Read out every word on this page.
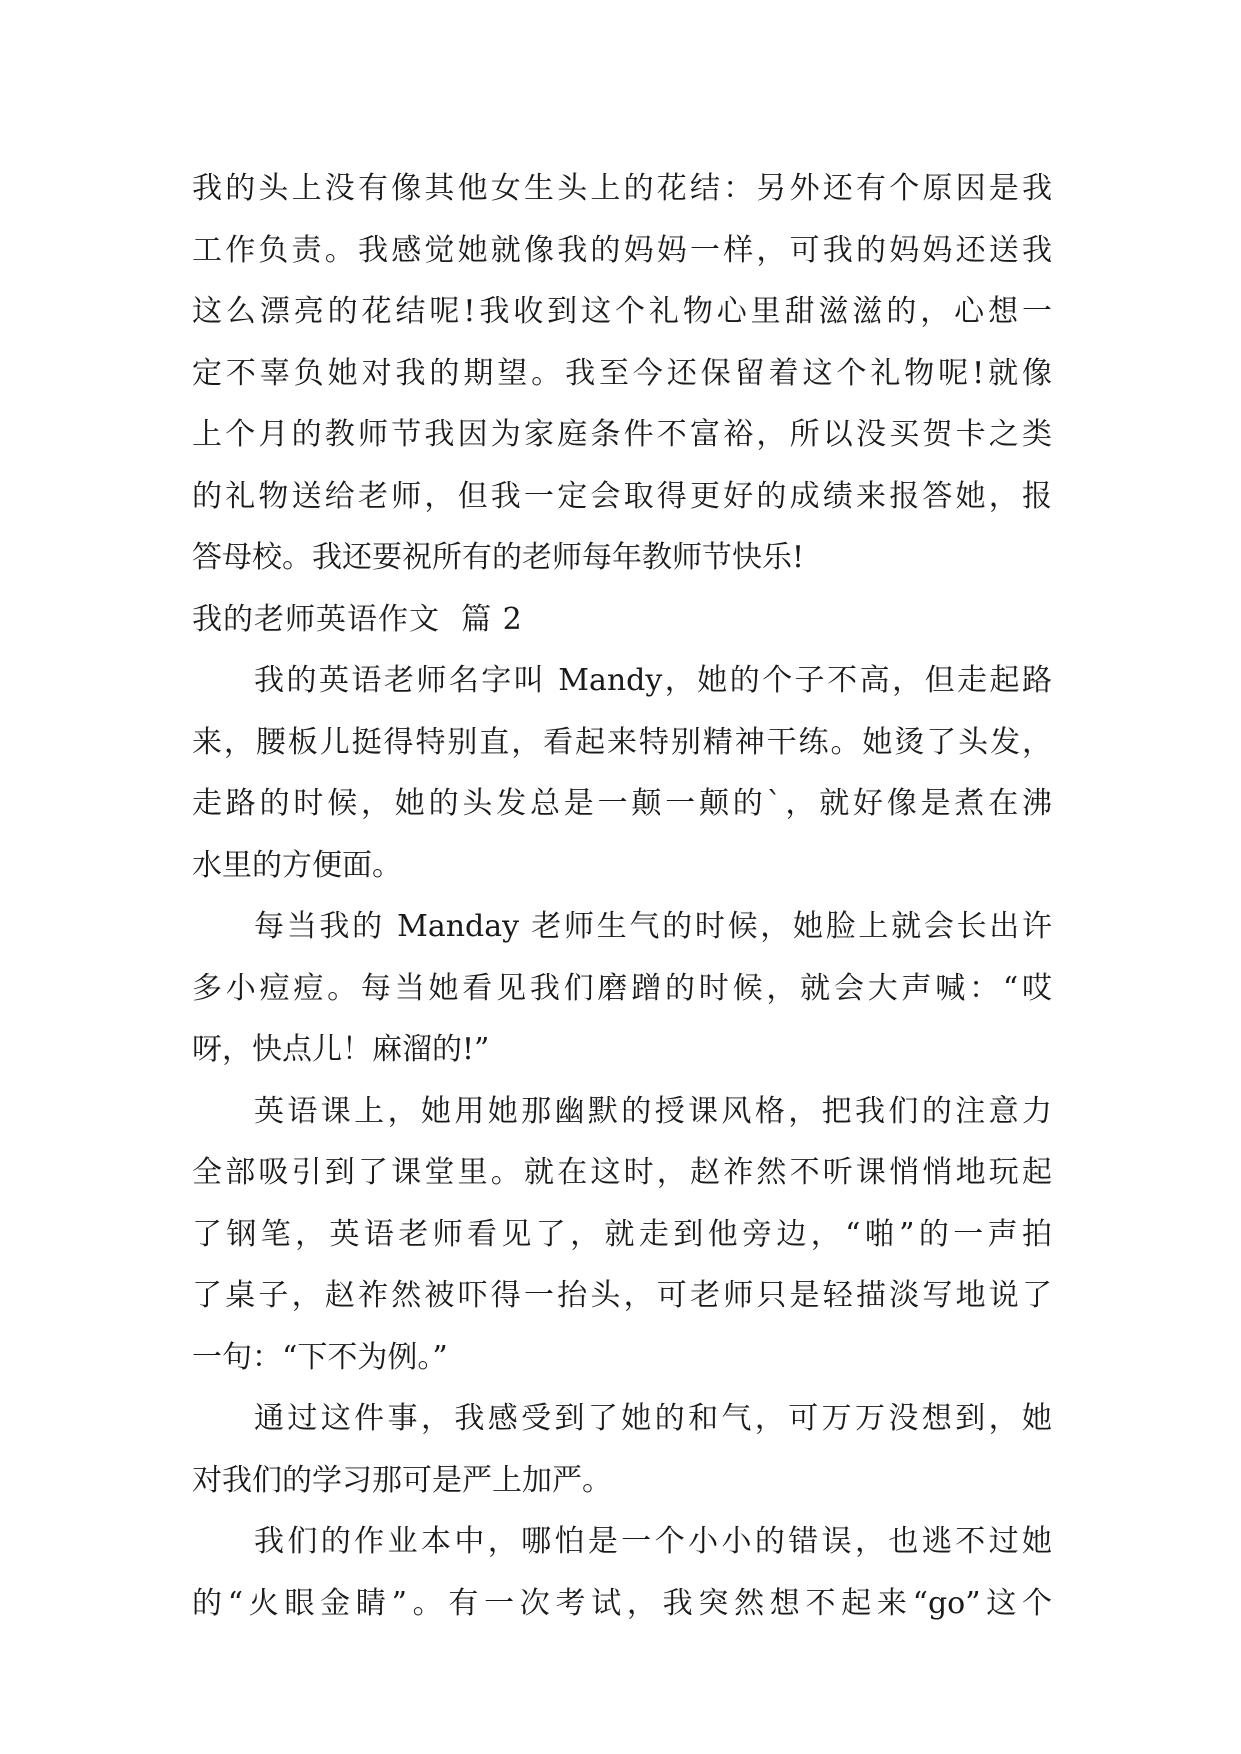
我的头上没有像其他女生头上的花结：另外还有个原因是我
工作负责。我感觉她就像我的妈妈一样，可我的妈妈还送我
这么漂亮的花结呢!我收到这个礼物心里甜滋滋的，心想一
定不辜负她对我的期望。我至今还保留着这个礼物呢!就像
上个月的教师节我因为家庭条件不富裕，所以没买贺卡之类
的礼物送给老师，但我一定会取得更好的成绩来报答她，报
答母校。我还要祝所有的老师每年教师节快乐!
我的老师英语作文  篇 2
我的英语老师名字叫 Mandy，她的个子不高，但走起路
来，腰板儿挺得特别直，看起来特别精神干练。她烫了头发，
走路的时候，她的头发总是一颠一颠的`，就好像是煮在沸
水里的方便面。
每当我的 Manday 老师生气的时候，她脸上就会长出许
多小痘痘。每当她看见我们磨蹭的时候，就会大声喊：“哎
呀，快点儿！麻溜的!”
英语课上，她用她那幽默的授课风格，把我们的注意力
全部吸引到了课堂里。就在这时，赵祚然不听课悄悄地玩起
了钢笔，英语老师看见了，就走到他旁边，“啪”的一声拍
了桌子，赵祚然被吓得一抬头，可老师只是轻描淡写地说了
一句：“下不为例。”
通过这件事，我感受到了她的和气，可万万没想到，她
对我们的学习那可是严上加严。
我们的作业本中，哪怕是一个小小的错误，也逃不过她
的“火眼金睛”。有一次考试，我突然想不起来“go”这个
